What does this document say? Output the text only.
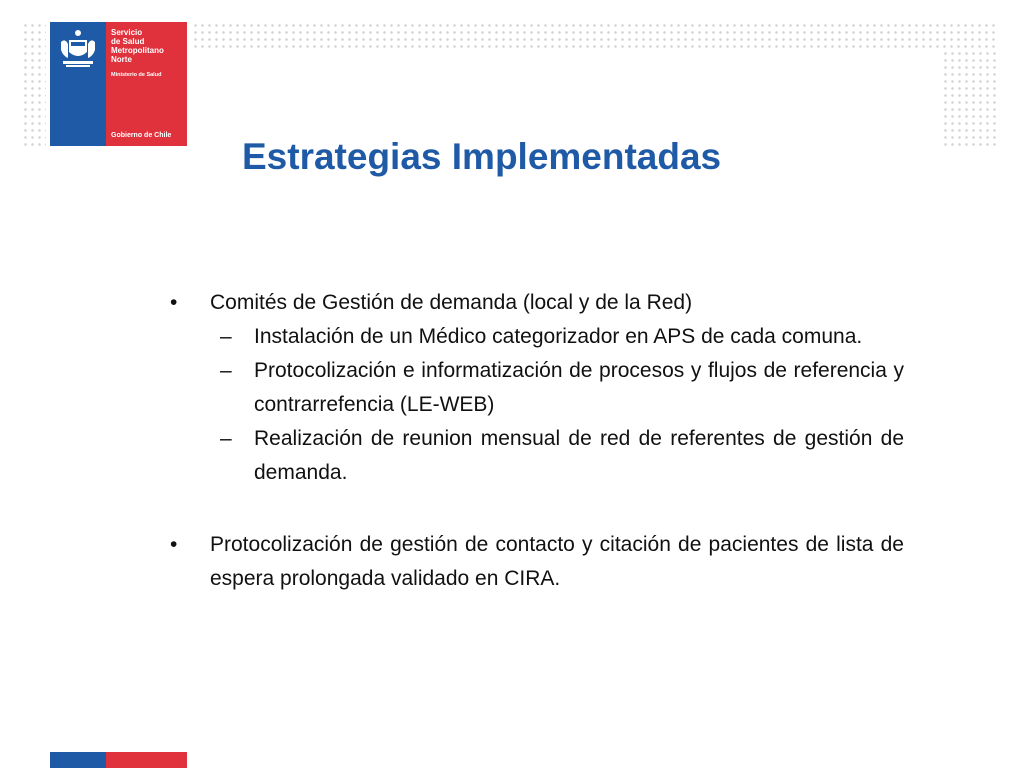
Servicio
de Salud
Metropolitano
Norte
Ministerio de Salud
Gobierno de Chile
Estrategias Implementadas
• Comités de Gestión de demanda (local y de la Red)
– Instalación de un Médico categorizador en APS de cada comuna.
– Protocolización e informatización de procesos y flujos de referencia y contrarrefencia (LE-WEB)
– Realización de reunion mensual de red de referentes de gestión de demanda.
• Protocolización de gestión de contacto y citación de pacientes de lista de espera prolongada validado en CIRA.
